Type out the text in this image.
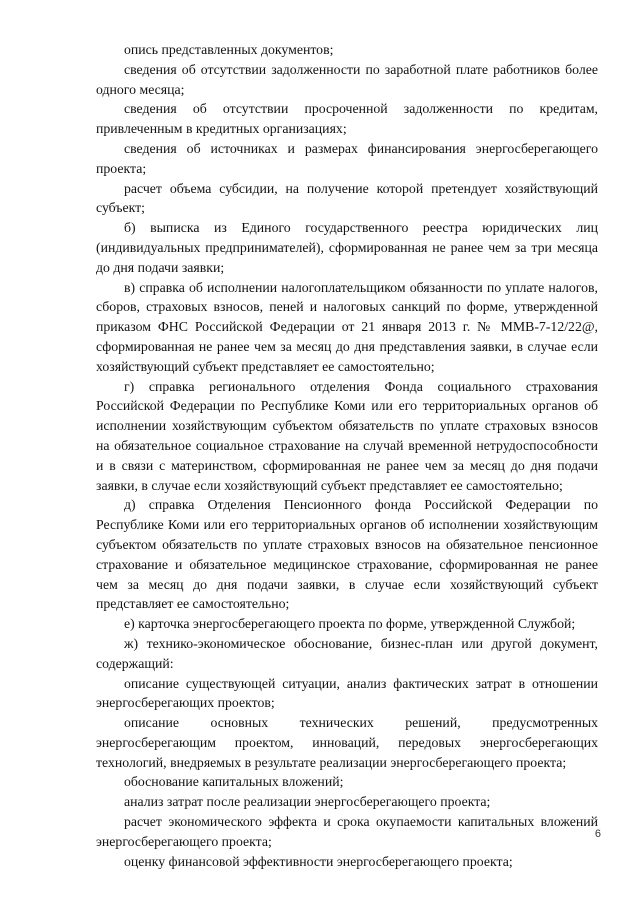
опись представленных документов;

сведения об отсутствии задолженности по заработной плате работников более одного месяца;

сведения об отсутствии просроченной задолженности по кредитам, привлеченным в кредитных организациях;

сведения об источниках и размерах финансирования энергосберегающего проекта;

расчет объема субсидии, на получение которой претендует хозяйствующий субъект;

б) выписка из Единого государственного реестра юридических лиц (индивидуальных предпринимателей), сформированная не ранее чем за три месяца до дня подачи заявки;

в) справка об исполнении налогоплательщиком обязанности по уплате налогов, сборов, страховых взносов, пеней и налоговых санкций по форме, утвержденной приказом ФНС Российской Федерации от 21 января 2013 г. № ММВ-7-12/22@, сформированная не ранее чем за месяц до дня представления заявки, в случае если хозяйствующий субъект представляет ее самостоятельно;

г) справка регионального отделения Фонда социального страхования Российской Федерации по Республике Коми или его территориальных органов об исполнении хозяйствующим субъектом обязательств по уплате страховых взносов на обязательное социальное страхование на случай временной нетрудоспособности и в связи с материнством, сформированная не ранее чем за месяц до дня подачи заявки, в случае если хозяйствующий субъект представляет ее самостоятельно;

д) справка Отделения Пенсионного фонда Российской Федерации по Республике Коми или его территориальных органов об исполнении хозяйствующим субъектом обязательств по уплате страховых взносов на обязательное пенсионное страхование и обязательное медицинское страхование, сформированная не ранее чем за месяц до дня подачи заявки, в случае если хозяйствующий субъект представляет ее самостоятельно;

е) карточка энергосберегающего проекта по форме, утвержденной Службой;

ж) технико-экономическое обоснование, бизнес-план или другой документ, содержащий:

описание существующей ситуации, анализ фактических затрат в отношении энергосберегающих проектов;

описание основных технических решений, предусмотренных энергосберегающим проектом, инноваций, передовых энергосберегающих технологий, внедряемых в результате реализации энергосберегающего проекта;

обоснование капитальных вложений;

анализ затрат после реализации энергосберегающего проекта;

расчет экономического эффекта и срока окупаемости капитальных вложений энергосберегающего проекта;

оценку финансовой эффективности энергосберегающего проекта;

6
